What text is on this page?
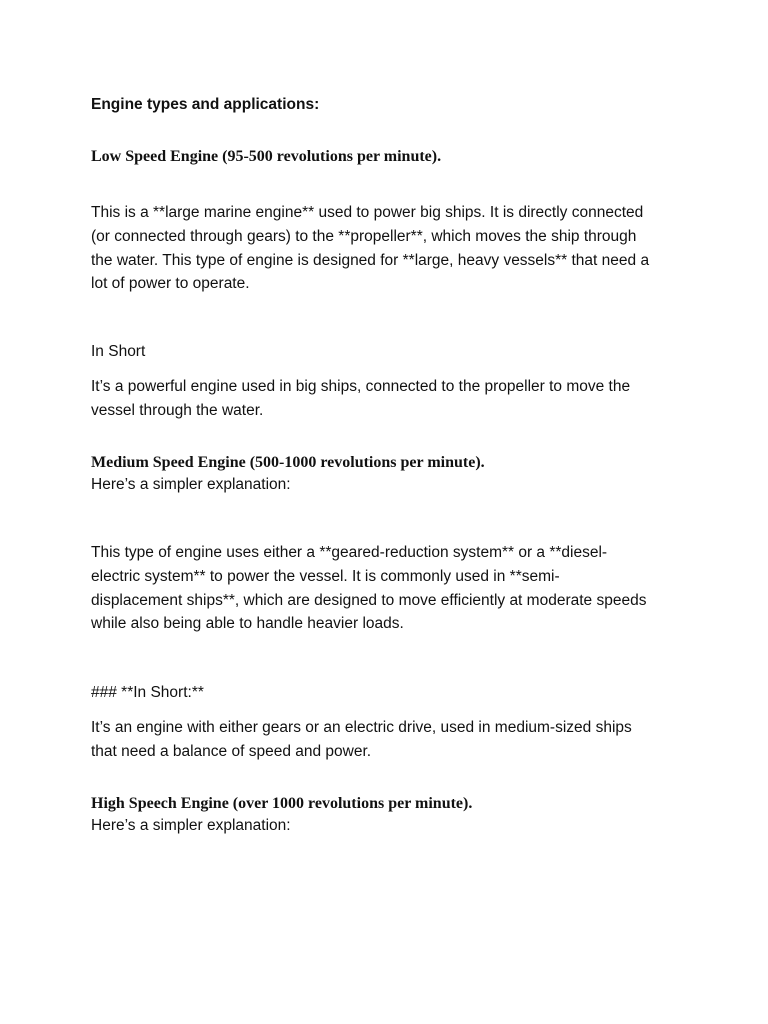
Engine types and applications:
Low Speed Engine (95-500 revolutions per minute).
This is a **large marine engine** used to power big ships. It is directly connected
(or connected through gears) to the **propeller**, which moves the ship through
the water. This type of engine is designed for **large, heavy vessels** that need a
lot of power to operate.
In Short
It’s a powerful engine used in big ships, connected to the propeller to move the
vessel through the water.
Medium Speed Engine (500-1000 revolutions per minute).
Here’s a simpler explanation:
This type of engine uses either a **geared-reduction system** or a **diesel-
electric system** to power the vessel. It is commonly used in **semi-
displacement ships**, which are designed to move efficiently at moderate speeds
while also being able to handle heavier loads.
### **In Short:**
It’s an engine with either gears or an electric drive, used in medium-sized ships
that need a balance of speed and power.
High Speech Engine (over 1000 revolutions per minute).
Here’s a simpler explanation:
